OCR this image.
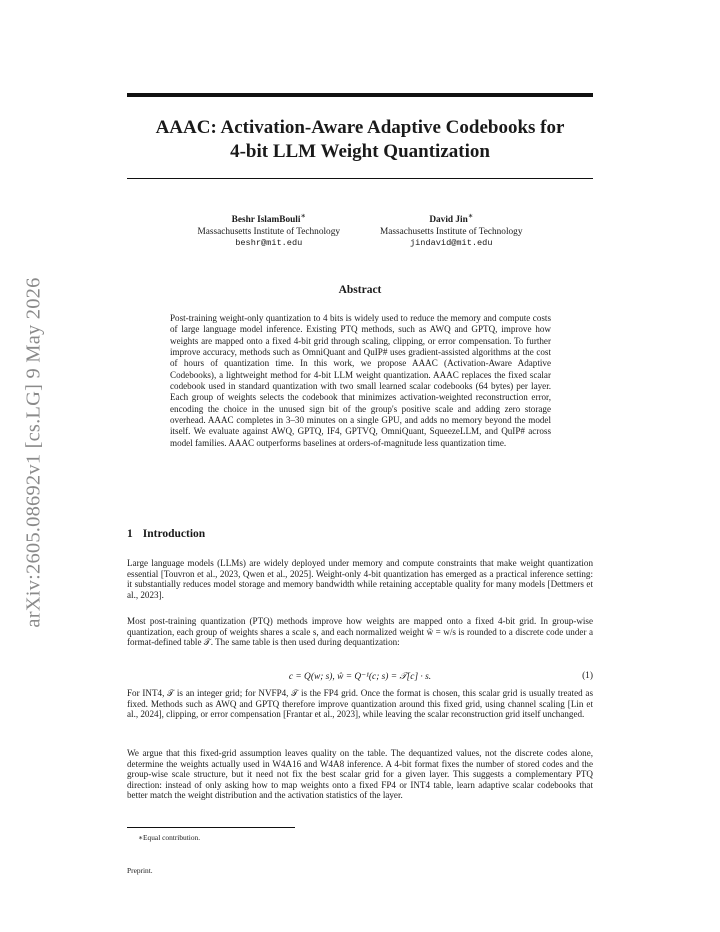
arXiv:2605.08692v1 [cs.LG] 9 May 2026
AAAC: Activation-Aware Adaptive Codebooks for
4-bit LLM Weight Quantization
Beshr IslamBouli∗
Massachusetts Institute of Technology
beshr@mit.edu
David Jin∗
Massachusetts Institute of Technology
jindavid@mit.edu
Abstract

Post-training weight-only quantization to 4 bits is widely used to reduce the memory and compute costs of large language model inference. Existing PTQ methods, such as AWQ and GPTQ, improve how weights are mapped onto a fixed 4-bit grid through scaling, clipping, or error compensation. To further improve accuracy, methods such as OmniQuant and QuIP# uses gradient-assisted algorithms at the cost of hours of quantization time. In this work, we propose AAAC (Activation-Aware Adaptive Codebooks), a lightweight method for 4-bit LLM weight quantization. AAAC replaces the fixed scalar codebook used in standard quantization with two small learned scalar codebooks (64 bytes) per layer. Each group of weights selects the codebook that minimizes activation-weighted reconstruction error, encoding the choice in the unused sign bit of the group's positive scale and adding zero storage overhead. AAAC completes in 3–30 minutes on a single GPU, and adds no memory beyond the model itself. We evaluate against AWQ, GPTQ, IF4, GPTVQ, OmniQuant, SqueezeLLM, and QuIP# across model families. AAAC outperforms baselines at orders-of-magnitude less quantization time.

1 Introduction

Large language models (LLMs) are widely deployed under memory and compute constraints that make weight quantization essential [Touvron et al., 2023, Qwen et al., 2025]. Weight-only 4-bit quantization has emerged as a practical inference setting: it substantially reduces model storage and memory bandwidth while retaining acceptable quality for many models [Dettmers et al., 2023].

Most post-training quantization (PTQ) methods improve how weights are mapped onto a fixed 4-bit grid. In group-wise quantization, each group of weights shares a scale s, and each normalized weight w̃ = w/s is rounded to a discrete code under a format-defined table 𝒯. The same table is then used during dequantization:

c = Q(w; s), ŵ = Q⁻¹(c; s) = 𝒯[c] · s.	(1)

For INT4, 𝒯 is an integer grid; for NVFP4, 𝒯 is the FP4 grid. Once the format is chosen, this scalar grid is usually treated as fixed. Methods such as AWQ and GPTQ therefore improve quantization around this fixed grid, using channel scaling [Lin et al., 2024], clipping, or error compensation [Frantar et al., 2023], while leaving the scalar reconstruction grid itself unchanged.

We argue that this fixed-grid assumption leaves quality on the table. The dequantized values, not the discrete codes alone, determine the weights actually used in W4A16 and W4A8 inference. A 4-bit format fixes the number of stored codes and the group-wise scale structure, but it need not fix the best scalar grid for a given layer. This suggests a complementary PTQ direction: instead of only asking how to map weights onto a fixed FP4 or INT4 table, learn adaptive scalar codebooks that better match the weight distribution and the activation statistics of the layer.

∗Equal contribution.

Preprint.
